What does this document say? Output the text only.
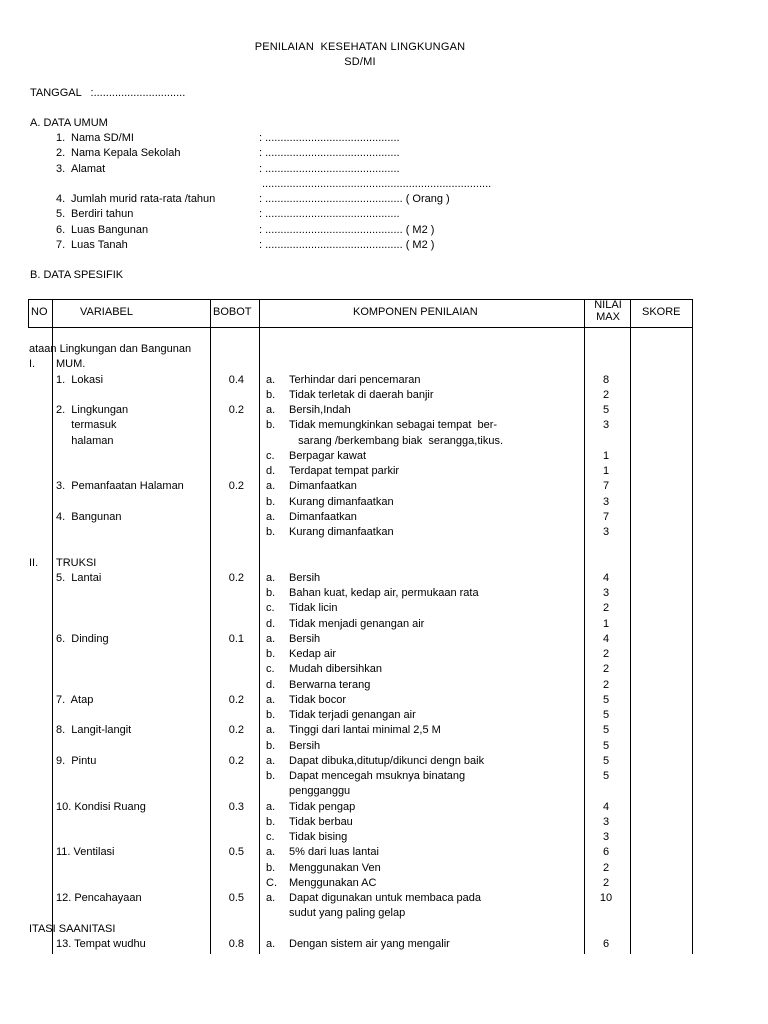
PENILAIAN  KESEHATAN LINGKUNGAN
SD/MI
TANGGAL   :..............................
A. DATA UMUM
1. Nama SD/MI	: ............................................
2. Nama Kepala Sekolah	: ............................................
3. Alamat	: ............................................
...........................................................................
4. Jumlah murid rata-rata /tahun	: ............................................. ( Orang )
5. Berdiri tahun	: ............................................
6. Luas Bangunan	: ............................................. ( M2 )
7. Luas Tanah	: ............................................. ( M2 )
B. DATA SPESIFIK
NO	VARIABEL	BOBOT	KOMPONEN PENILAIAN
NILAI
MAX	SKORE
ataan Lingkungan dan Bangunan
I. MUM.
1.  Lokasi	0.4 a. Terhindar dari pencemaran	8
b. Tidak terletak di daerah banjir	2
2.  Lingkungan	0.2 a. Bersih,Indah	5
termasuk	b. Tidak memungkinkan sebagai tempat  ber-	3
halaman	sarang /berkembang biak  serangga,tikus.
c. Berpagar kawat	1
d. Terdapat tempat parkir	1
3.  Pemanfaatan Halaman	0.2 a. Dimanfaatkan	7
b. Kurang dimanfaatkan	3
4.  Bangunan	a. Dimanfaatkan	7
b. Kurang dimanfaatkan	3
II. TRUKSI
5.  Lantai	0.2 a. Bersih	4
b. Bahan kuat, kedap air, permukaan rata	3
c. Tidak licin	2
d. Tidak menjadi genangan air	1
6.  Dinding	0.1 a. Bersih	4
b. Kedap air	2
c. Mudah dibersihkan	2
d. Berwarna terang	2
7.  Atap	0.2 a. Tidak bocor	5
b. Tidak terjadi genangan air	5
8.  Langit-langit	0.2 a. Tinggi dari lantai minimal 2,5 M	5
b. Bersih	5
9.  Pintu	0.2 a. Dapat dibuka,ditutup/dikunci dengn baik	5
b. Dapat mencegah msuknya binatang	5
pengganggu
10. Kondisi Ruang	0.3 a. Tidak pengap	4
b. Tidak berbau	3
c. Tidak bising	3
11. Ventilasi	0.5 a. 5% dari luas lantai	6
b. Menggunakan Ven	2
C. Menggunakan AC	2
12. Pencahayaan	0.5 a. Dapat digunakan untuk membaca pada	10
sudut yang paling gelap
ITASI SAANITASI
13. Tempat wudhu	0.8 a. Dengan sistem air yang mengalir	6
